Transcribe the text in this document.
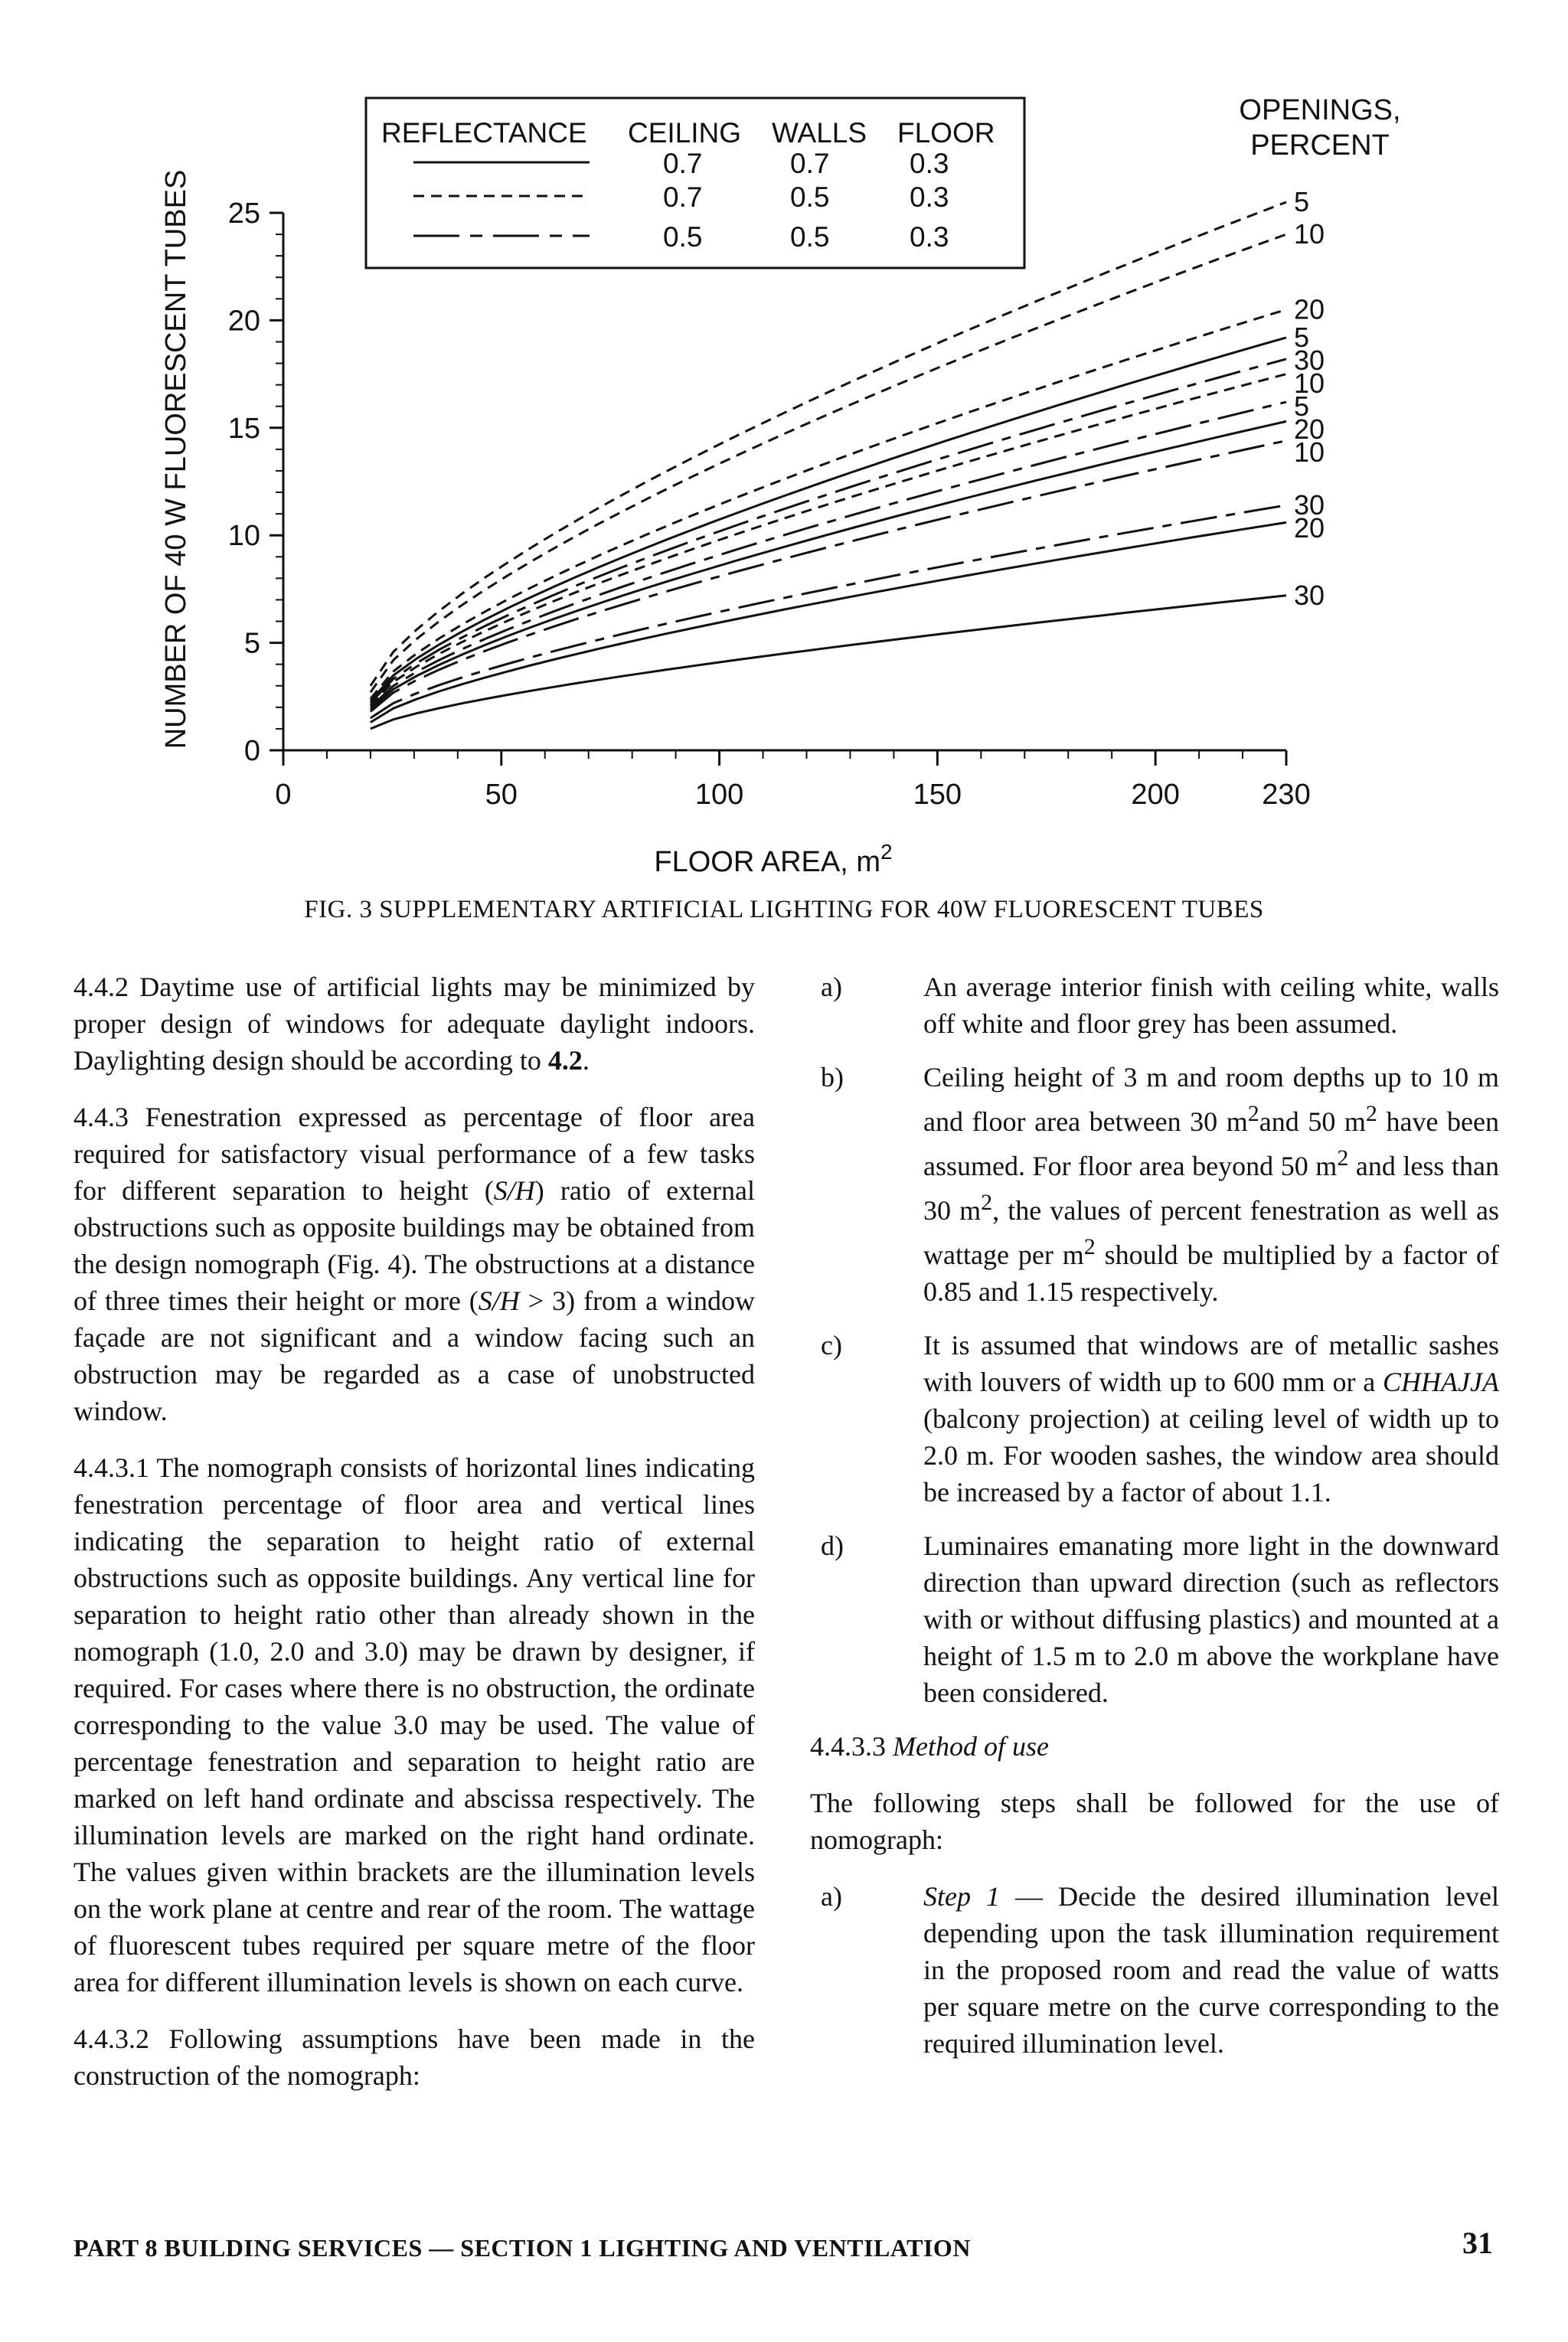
REFLECTANCE CEILING WALLS FLOOR
0.7	0.7	0.3
0.7	0.5	0.3
0.5	0.5	0.3
OPENINGS,
PERCENT
NUMBER OF 40 W FLUORESCENT TUBES
0	50	100	150	200	230
0
5
10
15
20
25	5
10
20
5
30
10
5
20
10
30
20
30
FLOOR AREA, $m^2$
FIG. 3 SUPPLEMENTARY ARTIFICIAL LIGHTING FOR 40W FLUORESCENT TUBES

4.4.2 Daytime use of artificial lights may be minimized by proper design of windows for adequate daylight indoors. Daylighting design should be according to 4.2.

4.4.3 Fenestration expressed as percentage of floor area required for satisfactory visual performance of a few tasks for different separation to height (S/H) ratio of external obstructions such as opposite buildings may be obtained from the design nomograph (Fig. 4). The obstructions at a distance of three times their height or more (S/H > 3) from a window façade are not significant and a window facing such an obstruction may be regarded as a case of unobstructed window.

4.4.3.1 The nomograph consists of horizontal lines indicating fenestration percentage of floor area and vertical lines indicating the separation to height ratio of external obstructions such as opposite buildings. Any vertical line for separation to height ratio other than already shown in the nomograph (1.0, 2.0 and 3.0) may be drawn by designer, if required. For cases where there is no obstruction, the ordinate corresponding to the value 3.0 may be used. The value of percentage fenestration and separation to height ratio are marked on left hand ordinate and abscissa respectively. The illumination levels are marked on the right hand ordinate. The values given within brackets are the illumination levels on the work plane at centre and rear of the room. The wattage of fluorescent tubes required per square metre of the floor area for different illumination levels is shown on each curve.

4.4.3.2 Following assumptions have been made in the construction of the nomograph:

a)	An average interior finish with ceiling white, walls off white and floor grey has been assumed.
b)	Ceiling height of 3 m and room depths up to 10 m and floor area between 30 $m^2and$ 50 $m^2$ have been assumed. For floor area beyond 50 $m^2$ and less than 30 $m^2$, the values of percent fenestration as well as wattage per $m^2$ should be multiplied by a factor of 0.85 and 1.15 respectively.
c)	It is assumed that windows are of metallic sashes with louvers of width up to 600 mm or a CHHAJJA (balcony projection) at ceiling level of width up to 2.0 m. For wooden sashes, the window area should be increased by a factor of about 1.1.
d)	Luminaires emanating more light in the downward direction than upward direction (such as reflectors with or without diffusing plastics) and mounted at a height of 1.5 m to 2.0 m above the workplane have been considered.

4.4.3.3 Method of use

The following steps shall be followed for the use of nomograph:

a)	Step 1 — Decide the desired illumination level depending upon the task illumination requirement in the proposed room and read the value of watts per square metre on the curve corresponding to the required illumination level.
PART 8 BUILDING SERVICES — SECTION 1 LIGHTING AND VENTILATION	31
